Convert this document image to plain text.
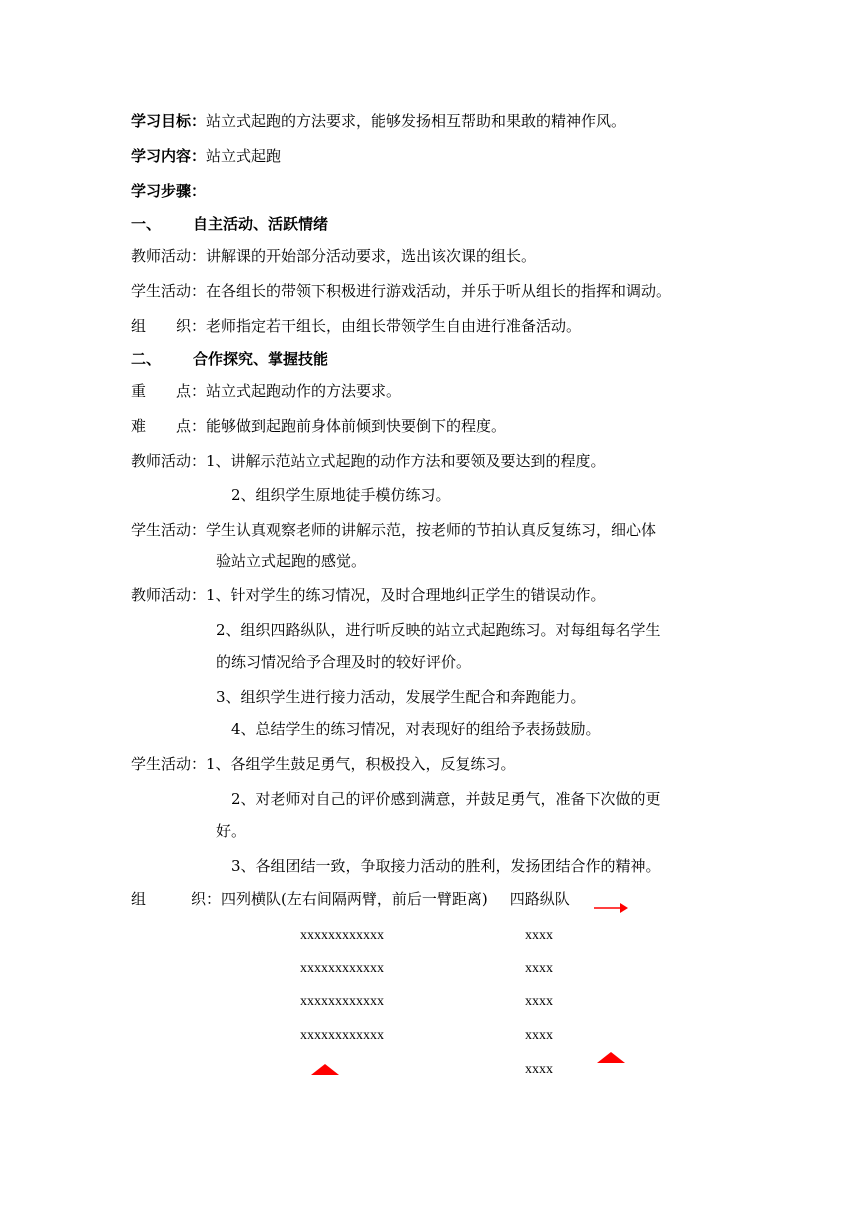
学习目标：站立式起跑的方法要求，能够发扬相互帮助和果敢的精神作风。
学习内容：站立式起跑
学习步骤：
一、 自主活动、活跃情绪
教师活动：讲解课的开始部分活动要求，选出该次课的组长。
学生活动：在各组长的带领下积极进行游戏活动，并乐于听从组长的指挥和调动。
组 织：老师指定若干组长，由组长带领学生自由进行准备活动。
二、 合作探究、掌握技能
重 点：站立式起跑动作的方法要求。
难 点：能够做到起跑前身体前倾到快要倒下的程度。
教师活动：1、讲解示范站立式起跑的动作方法和要领及要达到的程度。
2、组织学生原地徒手模仿练习。
学生活动：学生认真观察老师的讲解示范，按老师的节拍认真反复练习，细心体
验站立式起跑的感觉。
教师活动：1、针对学生的练习情况，及时合理地纠正学生的错误动作。
2、组织四路纵队，进行听反映的站立式起跑练习。对每组每名学生
的练习情况给予合理及时的较好评价。
3、组织学生进行接力活动，发展学生配合和奔跑能力。
4、总结学生的练习情况，对表现好的组给予表扬鼓励。
学生活动：1、各组学生鼓足勇气，积极投入，反复练习。
2、对老师对自己的评价感到满意，并鼓足勇气，准备下次做的更
好。
3、各组团结一致，争取接力活动的胜利，发扬团结合作的精神。
组	织：四列横队(左右间隔两臂，前后一臂距离) 四路纵队
xxxxxxxxxxxx
xxxxxxxxxxxx
xxxxxxxxxxxx
xxxxxxxxxxxx
xxxx
xxxx
xxxx
xxxx
xxxx
